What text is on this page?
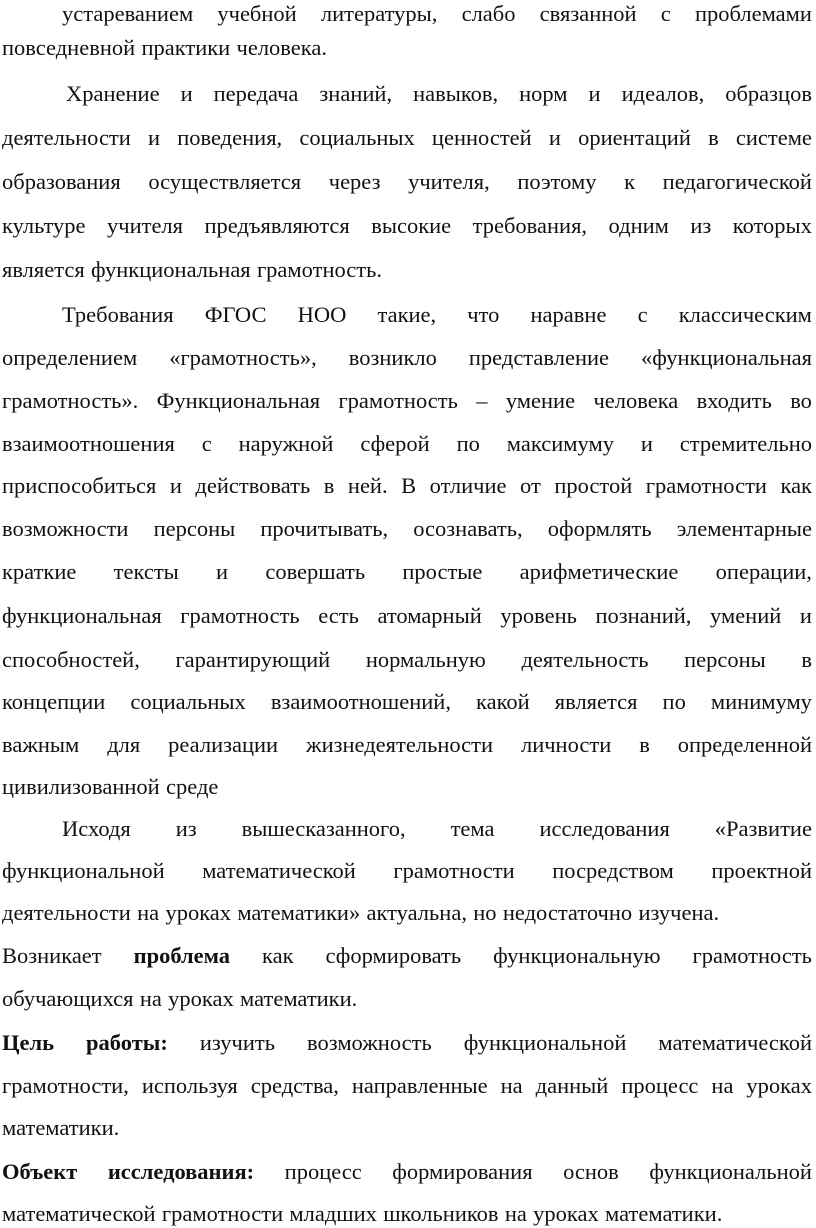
устареванием учебной литературы, слабо связанной с проблемами
повседневной практики человека.
Хранение и передача знаний, навыков, норм и идеалов, образцов
деятельности и поведения, социальных ценностей и ориентаций в системе
образования осуществляется через учителя, поэтому к педагогической
культуре учителя предъявляются высокие требования, одним из которых
является функциональная грамотность.
Требования ФГОС НОО такие, что наравне с классическим
определением «грамотность», возникло представление «функциональная
грамотность». Функциональная грамотность – умение человека входить во
взаимоотношения с наружной сферой по максимуму и стремительно
приспособиться и действовать в ней. В отличие от простой грамотности как
возможности персоны прочитывать, осознавать, оформлять элементарные
краткие тексты и совершать простые арифметические операции,
функциональная грамотность есть атомарный уровень познаний, умений и
способностей, гарантирующий нормальную деятельность персоны в
концепции социальных взаимоотношений, какой является по минимуму
важным для реализации жизнедеятельности личности в определенной
цивилизованной среде
Исходя из вышесказанного, тема исследования «Развитие
функциональной математической грамотности посредством проектной
деятельности на уроках математики» актуальна, но недостаточно изучена.
Возникает проблема как сформировать функциональную грамотность
обучающихся на уроках математики.
Цель работы: изучить возможность функциональной математической
грамотности, используя средства, направленные на данный процесс на уроках
математики.
Объект исследования: процесс формирования основ функциональной
математической грамотности младших школьников на уроках математики.
